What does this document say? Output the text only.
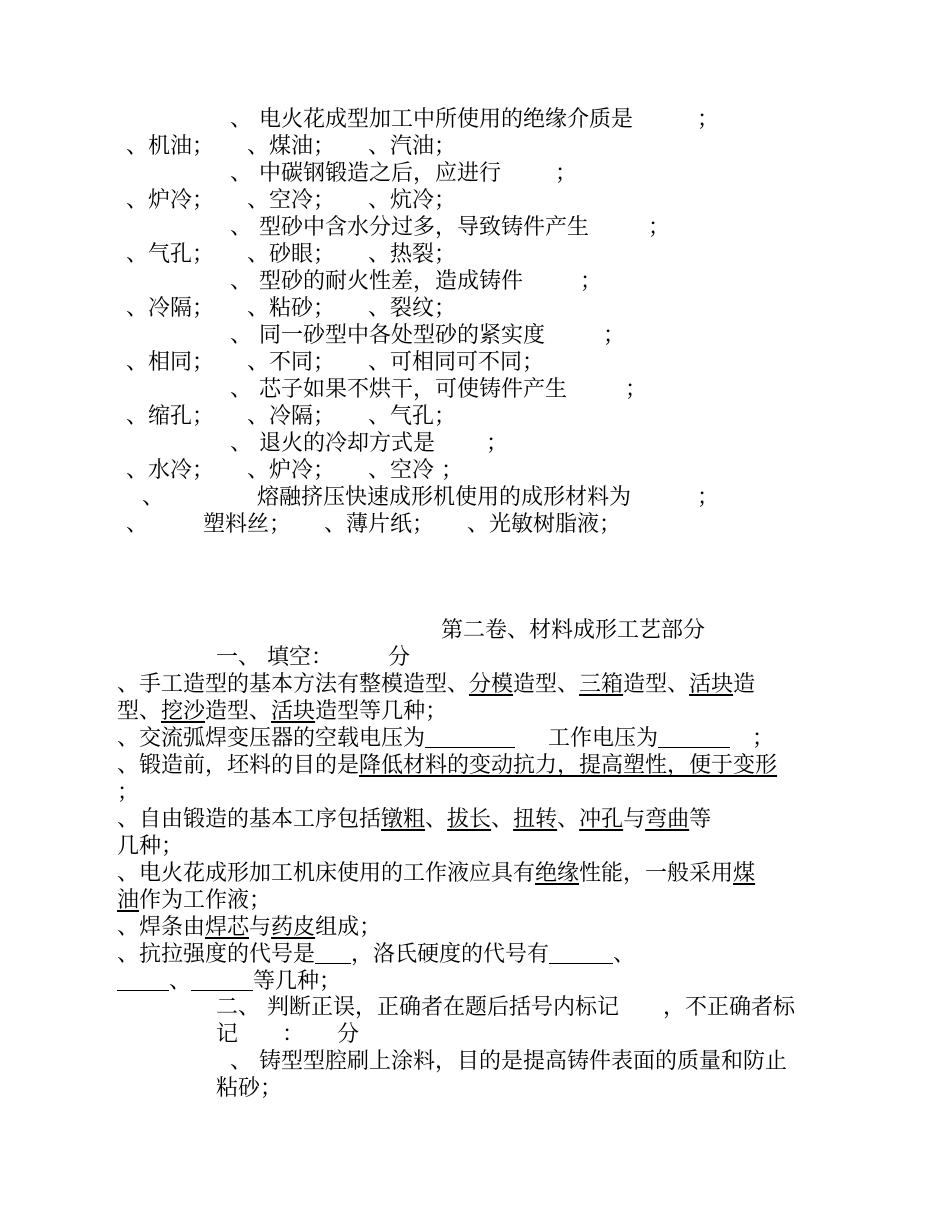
、 电火花成型加工中所使用的绝缘介质是	；
、机油；　　、煤油；　　、汽油；
、 中碳钢锻造之后，应进行 ；
、炉冷；　　、空冷；　　、炕冷；
、 型砂中含水分过多，导致铸件产生	；
、气孔；　　、砂眼；　　、热裂；
、 型砂的耐火性差，造成铸件	；
、冷隔；　　、粘砂；　　、裂纹；
、 同一砂型中各处型砂的紧实度	；
、相同；　　、不同；　　、可相同可不同；
、 芯子如果不烘干，可使铸件产生	；
、缩孔；　　、冷隔；　　、气孔；
、 退火的冷却方式是 ；
、水冷；　　、炉冷；　　、空冷 ；
、	熔融挤压快速成形机使用的成形材料为	；
、　　　塑料丝；　　、薄片纸；　　、光敏树脂液；
第二卷、材料成形工艺部分
一、 填空：　　　分
、手工造型的基本方法有整模造型、分模造型、三箱造型、活块造
型、挖沙造型、活块造型等几种；
、交流弧焊变压器的空载电压为	工作电压为	；
、锻造前，坯料的目的是降低材料的变动抗力，提高塑性，便于变形
；
、自由锻造的基本工序包括镦粗、拔长、扭转、冲孔与弯曲等
几种；
、电火花成形加工机床使用的工作液应具有绝缘性能，一般采用煤
油作为工作液；
、焊条由焊芯与药皮组成；
、抗拉强度的代号是 ，洛氏硬度的代号有	、
、	等几种；
二、 判断正误，正确者在题后括号内标记　　，不正确者标
记　　：　　分
、 铸型型腔刷上涂料，目的是提高铸件表面的质量和防止
粘砂；
